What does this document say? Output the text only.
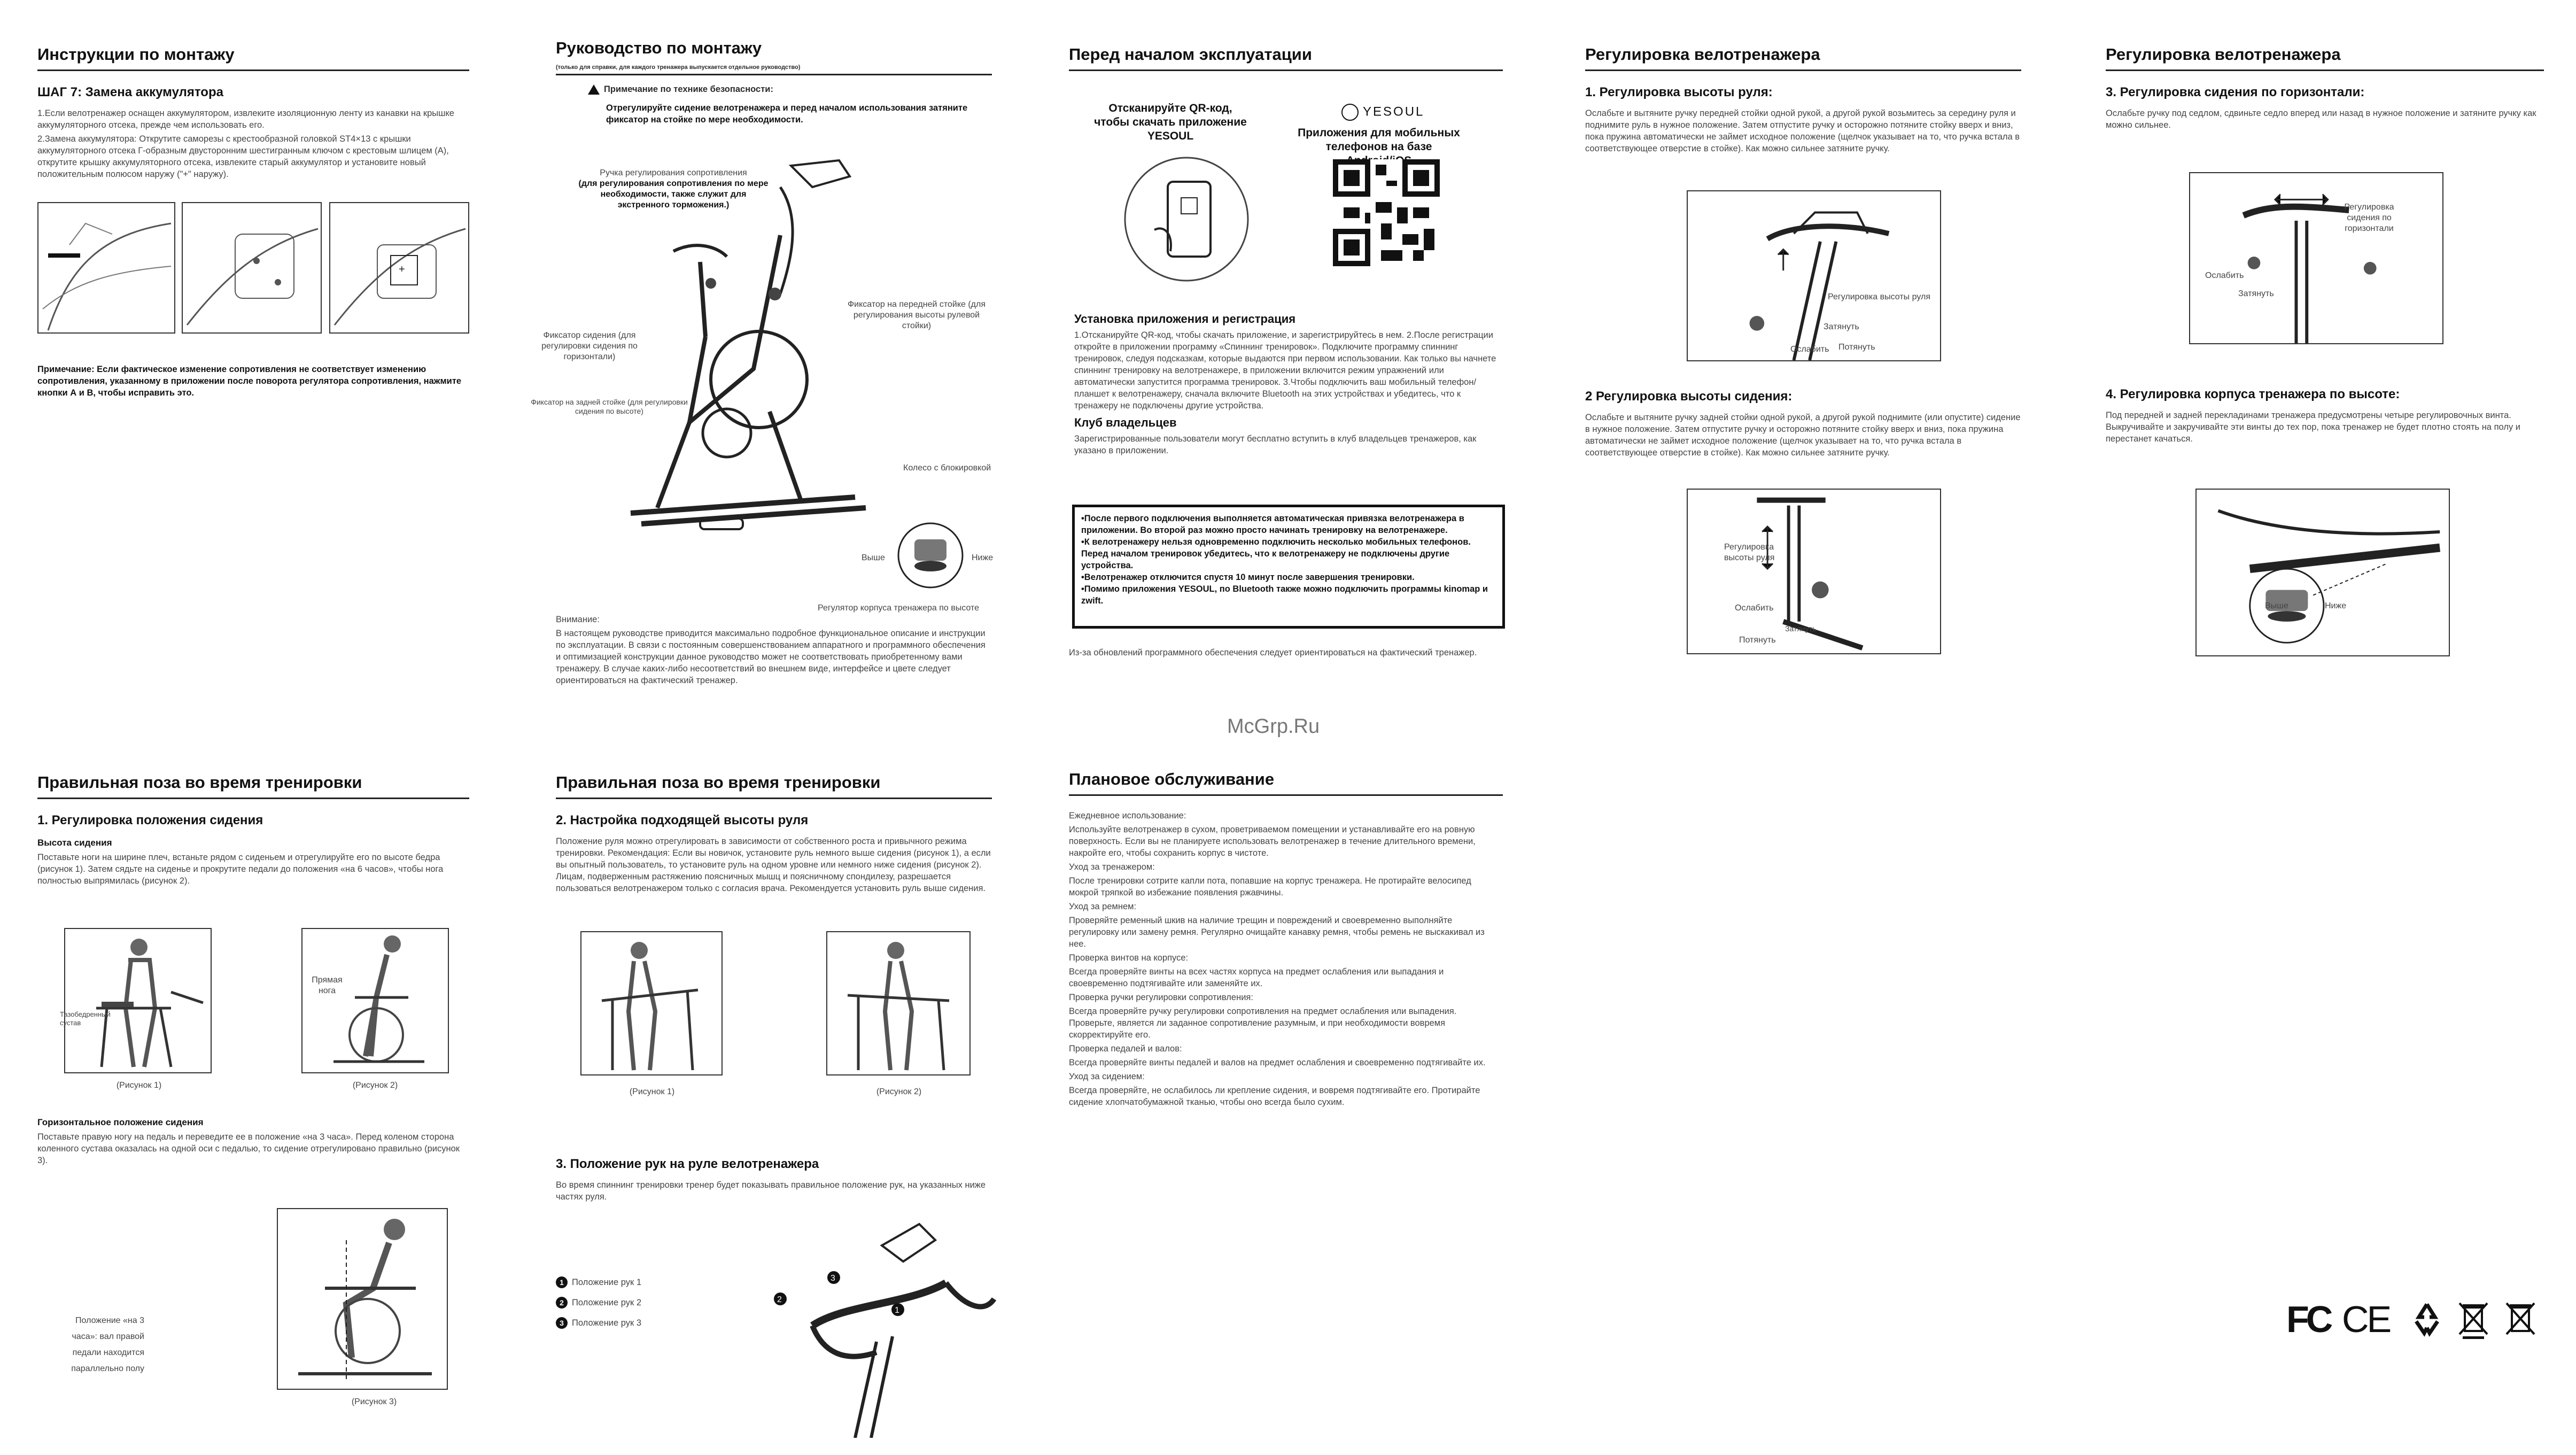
Инструкции по монтажу
ШАГ 7: Замена аккумулятора
1.Если велотренажер оснащен аккумулятором, извлеките изоляционную ленту из канавки на крышке аккумуляторного отсека, прежде чем использовать его.
2.Замена аккумулятора: Открутите саморезы с крестообразной головкой ST4×13 с крышки аккумуляторного отсека Г-образным двусторонним шестигранным ключом с крестовым шлицем (A), открутите крышку аккумуляторного отсека, извлеките старый аккумулятор и установите новый положительным полюсом наружу ("+" наружу).
+
Примечание: Если фактическое изменение сопротивления не соответствует изменению сопротивления, указанному в приложении после поворота регулятора сопротивления, нажмите кнопки А и В, чтобы исправить это.
Правильная поза во время тренировки
1. Регулировка положения сидения
Высота сидения
Поставьте ноги на ширине плеч, встаньте рядом с сиденьем и отрегулируйте его по высоте бедра (рисунок 1). Затем сядьте на сиденье и прокрутите педали до положения «на 6 часов», чтобы нога полностью выпрямилась (рисунок 2).
Тазобедренный сустав
(Рисунок 1)
Прямая нога
(Рисунок 2)
Горизонтальное положение сидения
Поставьте правую ногу на педаль и переведите ее в положение «на 3 часа». Перед коленом сторона коленного сустава оказалась на одной оси с педалью, то сидение отрегулировано правильно (рисунок 3).
Положение «на 3 часа»: вал правой педали находится параллельно полу
(Рисунок 3)
Руководство по монтажу
(только для справки, для каждого тренажера выпускается отдельное руководство)
Примечание по технике безопасности:
Отрегулируйте сидение велотренажера и перед началом использования затяните фиксатор на стойке по мере необходимости.
Ручка регулирования сопротивления
(для регулирования сопротивления по мере необходимости, также служит для экстренного торможения.)
Фиксатор сидения (для регулировки сидения по горизонтали)
Фиксатор на передней стойке (для регулирования высоты рулевой стойки)
Фиксатор на задней стойке (для регулировки сидения по высоте)
Колесо с блокировкой
Выше	Ниже
Регулятор корпуса тренажера по высоте
Внимание:
В настоящем руководстве приводится максимально подробное функциональное описание и инструкции по эксплуатации. В связи с постоянным совершенствованием аппаратного и программного обеспечения и оптимизацией конструкции данное руководство может не соответствовать приобретенному вами тренажеру. В случае каких-либо несоответствий во внешнем виде, интерфейсе и цвете следует ориентироваться на фактический тренажер.
Правильная поза во время тренировки
2. Настройка подходящей высоты руля
Положение руля можно отрегулировать в зависимости от собственного роста и привычного режима тренировки. Рекомендация: Если вы новичок, установите руль немного выше сидения (рисунок 1), а если вы опытный пользователь, то установите руль на одном уровне или немного ниже сидения (рисунок 2). Лицам, подверженным растяжению поясничных мышц и поясничному спондилезу, разрешается пользоваться велотренажером только с согласия врача. Рекомендуется установить руль выше сидения.
(Рисунок 1)	(Рисунок 2)
3. Положение рук на руле велотренажера
Во время спиннинг тренировки тренер будет показывать правильное положение рук, на указанных ниже частях руля.
1 Положение рук 1
2 Положение рук 2
3 Положение рук 3
2
3
1
Перед началом эксплуатации
Отсканируйте QR-код, чтобы скачать приложение YESOUL
YESOUL
Приложения для мобильных телефонов на базе
Установка приложения и регистрация
1.Отсканируйте QR-код, чтобы скачать приложение, и зарегистрируйтесь в нем. 2.После регистрации откройте в приложении программу «Спиннинг тренировок». Подключите программу спиннинг тренировок, следуя подсказкам, которые выдаются при первом использовании. Как только вы начнете спиннинг тренировку на велотренажере, в приложении включится режим упражнений или автоматически запустится программа тренировок. 3.Чтобы подключить ваш мобильный телефон/планшет к велотренажеру, сначала включите Bluetooth на этих устройствах и убедитесь, что к тренажеру не подключены другие устройства.
Клуб владельцев
Зарегистрированные пользователи могут бесплатно вступить в клуб владельцев тренажеров, как указано в приложении.
•После первого подключения выполняется автоматическая привязка велотренажера в приложении. Во второй раз можно просто начинать тренировку на велотренажере.
•К велотренажеру нельзя одновременно подключить несколько мобильных телефонов. Перед началом тренировок убедитесь, что к велотренажеру не подключены другие устройства.
•Велотренажер отключится спустя 10 минут после завершения тренировки.
•Помимо приложения YESOUL, по Bluetooth также можно подключить программы kinomap и zwift.
Из-за обновлений программного обеспечения следует ориентироваться на фактический тренажер.
McGrp.Ru
Плановое обслуживание
Ежедневное использование:
Используйте велотренажер в сухом, проветриваемом помещении и устанавливайте его на ровную поверхность. Если вы не планируете использовать велотренажер в течение длительного времени, накройте его, чтобы сохранить корпус в чистоте.
Уход за тренажером:
После тренировки сотрите капли пота, попавшие на корпус тренажера. Не протирайте велосипед мокрой тряпкой во избежание появления ржавчины.
Уход за ремнем:
Проверяйте ременный шкив на наличие трещин и повреждений и своевременно выполняйте регулировку или замену ремня. Регулярно очищайте канавку ремня, чтобы ремень не выскакивал из нее.
Проверка винтов на корпусе:
Всегда проверяйте винты на всех частях корпуса на предмет ослабления или выпадания и своевременно подтягивайте или заменяйте их.
Проверка ручки регулировки сопротивления:
Всегда проверяйте ручку регулировки сопротивления на предмет ослабления или выпадения. Проверьте, является ли заданное сопротивление разумным, и при необходимости вовремя скорректируйте его.
Проверка педалей и валов:
Всегда проверяйте винты педалей и валов на предмет ослабления и своевременно подтягивайте их.
Уход за сидением:
Всегда проверяйте, не ослабилось ли крепление сидения, и вовремя подтягивайте его. Протирайте сидение хлопчатобумажной тканью, чтобы оно всегда было сухим.
Регулировка велотренажера
1. Регулировка высоты руля:
Ослабьте и вытяните ручку передней стойки одной рукой, а другой рукой возьмитесь за середину руля и поднимите руль в нужное положение. Затем отпустите ручку и осторожно потяните стойку вверх и вниз, пока пружина автоматически не займет исходное положение (щелчок указывает на то, что ручка встала в соответствующее отверстие в стойке). Как можно сильнее затяните ручку.
Регулировка высоты руля
Затянуть
Ослабить Потянуть
2 Регулировка высоты сидения:
Ослабьте и вытяните ручку задней стойки одной рукой, а другой рукой поднимите (или опустите) сидение в нужное положение. Затем отпустите ручку и осторожно потяните стойку вверх и вниз, пока пружина автоматически не займет исходное положение (щелчок указывает на то, что ручка встала в соответствующее отверстие в стойке). Как можно сильнее затяните ручку.
Регулировка высоты руля
Ослабить
Затянуть
Потянуть
Регулировка велотренажера
3. Регулировка сидения по горизонтали:
Ослабьте ручку под седлом, сдвиньте седло вперед или назад в нужное положение и затяните ручку как можно сильнее.
Регулировка сидения по горизонтали
Ослабить
Затянуть
4. Регулировка корпуса тренажера по высоте:
Под передней и задней перекладинами тренажера предусмотрены четыре регулировочных винта. Выкручивайте и закручивайте эти винты до тех пор, пока тренажер не будет плотно стоять на полу и перестанет качаться.
Выше	Ниже
FC CE
